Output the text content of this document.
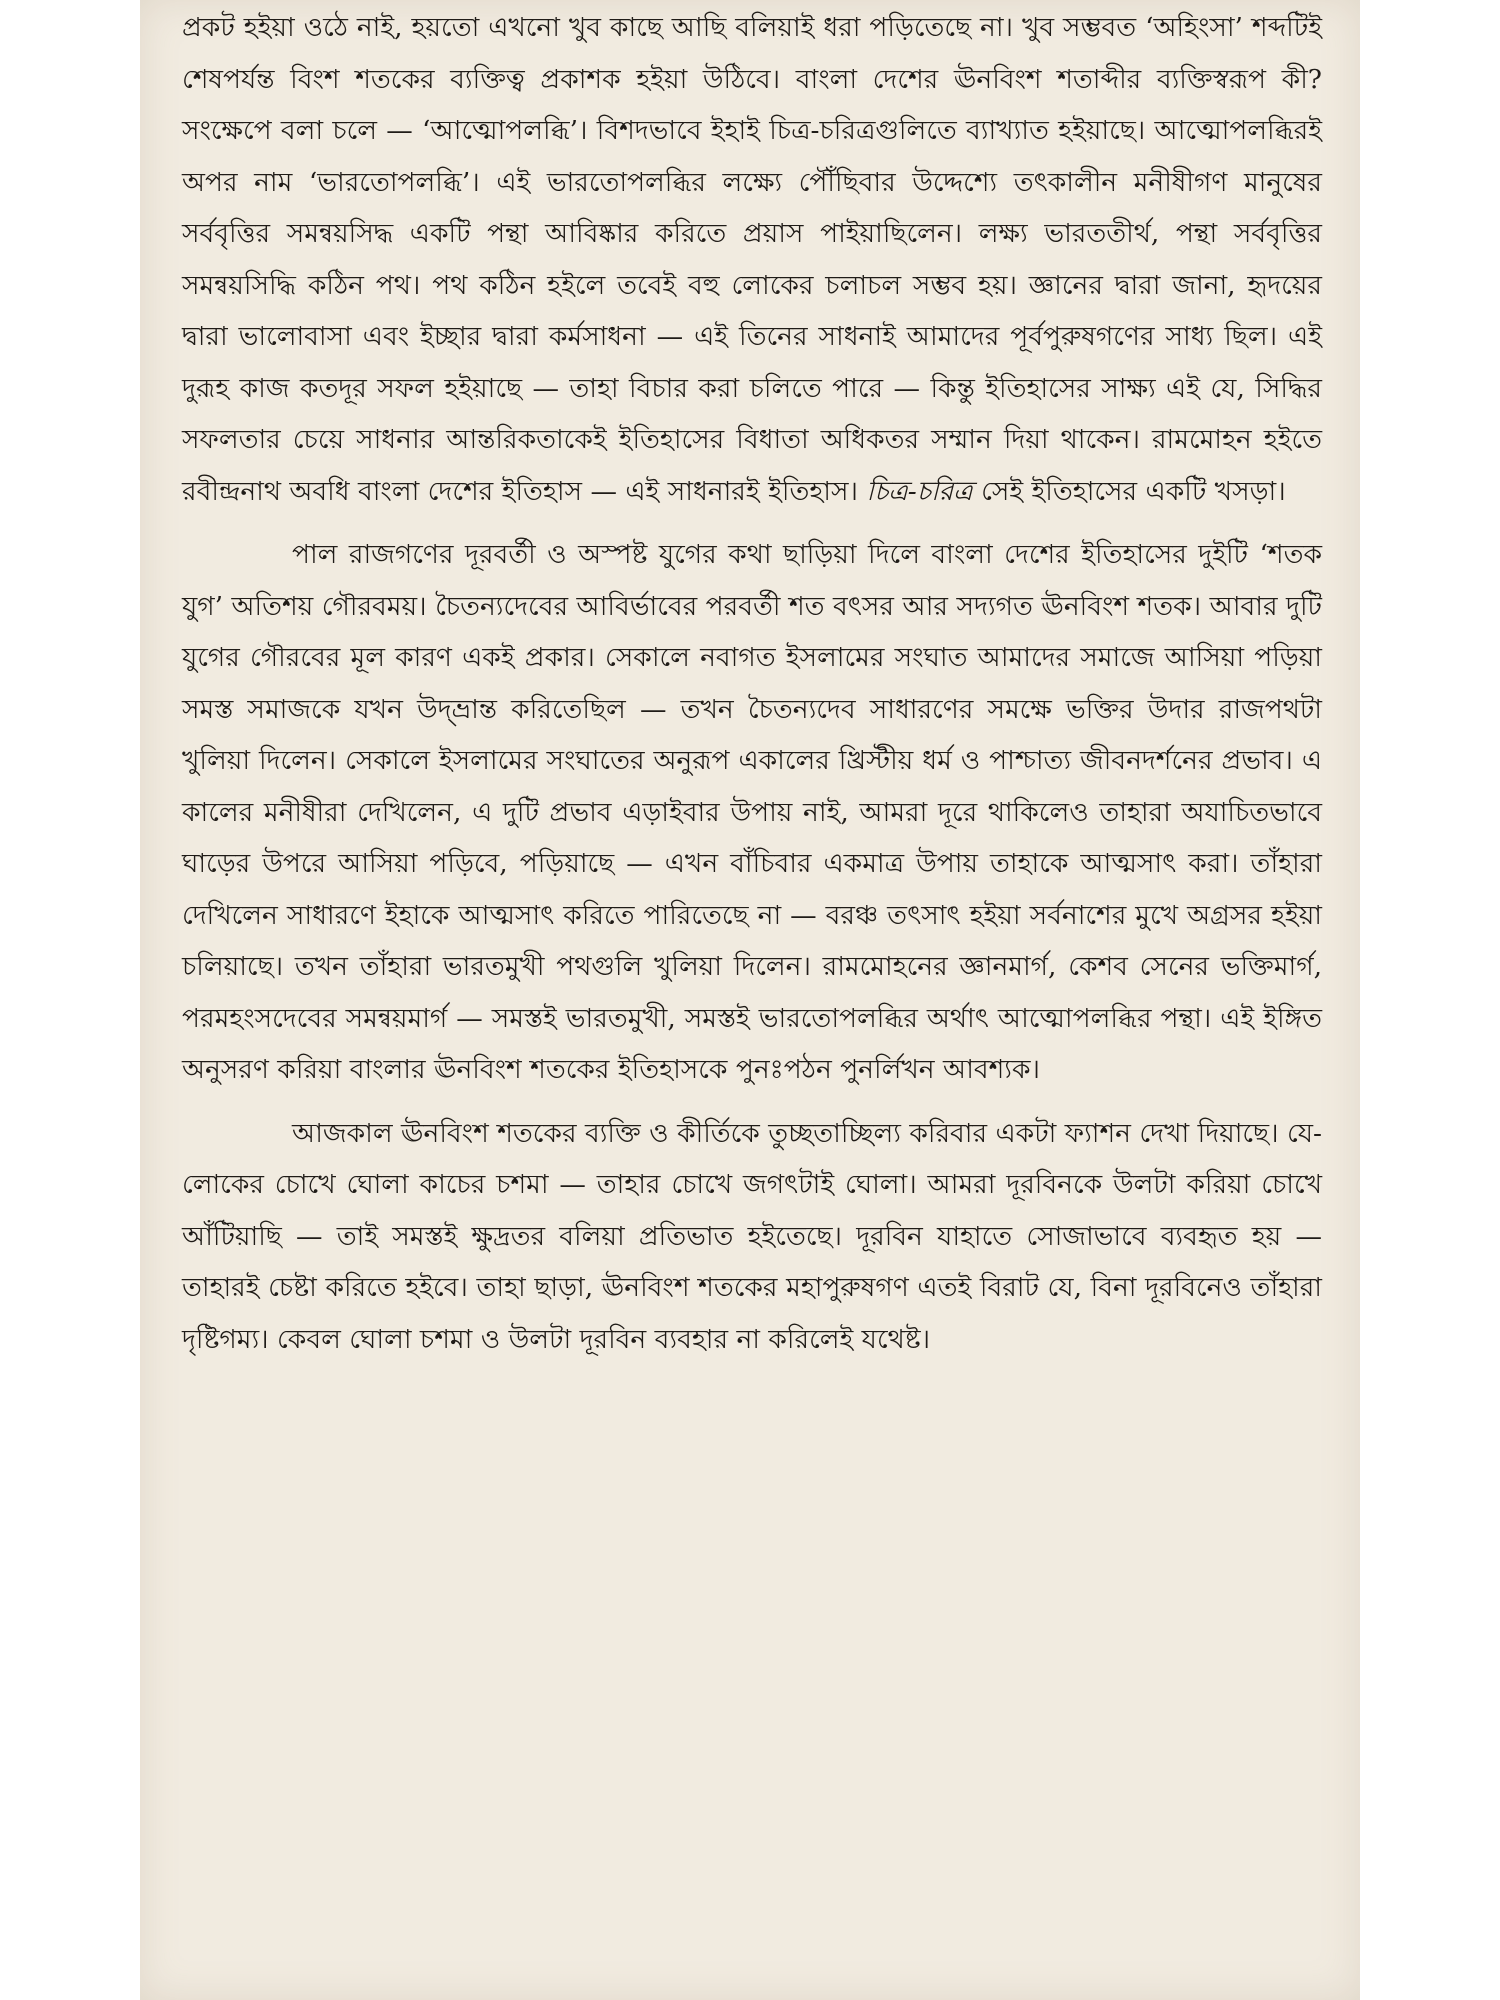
প্রকট হইয়া ওঠে নাই, হয়তো এখনো খুব কাছে আছি বলিয়াই ধরা পড়িতেছে না। খুব সম্ভবত ‘অহিংসা’ শব্দটিই শেষপর্যন্ত বিংশ শতকের ব্যক্তিত্ব প্রকাশক হইয়া উঠিবে। বাংলা দেশের ঊনবিংশ শতাব্দীর ব্যক্তিস্বরূপ কী? সংক্ষেপে বলা চলে — ‘আত্মোপলব্ধি’। বিশদভাবে ইহাই চিত্র-চরিত্রগুলিতে ব্যাখ্যাত হইয়াছে। আত্মোপলব্ধিরই অপর নাম ‘ভারতোপলব্ধি’। এই ভারতোপলব্ধির লক্ষ্যে পৌঁছিবার উদ্দেশ্যে তৎকালীন মনীষীগণ মানুষের সর্ববৃত্তির সমন্বয়সিদ্ধ একটি পন্থা আবিষ্কার করিতে প্রয়াস পাইয়াছিলেন। লক্ষ্য ভারততীর্থ, পন্থা সর্ববৃত্তির সমন্বয়সিদ্ধি কঠিন পথ। পথ কঠিন হইলে তবেই বহু লোকের চলাচল সম্ভব হয়। জ্ঞানের দ্বারা জানা, হৃদয়ের দ্বারা ভালোবাসা এবং ইচ্ছার দ্বারা কর্মসাধনা — এই তিনের সাধনাই আমাদের পূর্বপুরুষগণের সাধ্য ছিল। এই দুরূহ কাজ কতদূর সফল হইয়াছে — তাহা বিচার করা চলিতে পারে — কিন্তু ইতিহাসের সাক্ষ্য এই যে, সিদ্ধির সফলতার চেয়ে সাধনার আন্তরিকতাকেই ইতিহাসের বিধাতা অধিকতর সম্মান দিয়া থাকেন। রামমোহন হইতে রবীন্দ্রনাথ অবধি বাংলা দেশের ইতিহাস — এই সাধনারই ইতিহাস। চিত্র-চরিত্র সেই ইতিহাসের একটি খসড়া।

পাল রাজগণের দূরবর্তী ও অস্পষ্ট যুগের কথা ছাড়িয়া দিলে বাংলা দেশের ইতিহাসের দুইটি ‘শতক যুগ’ অতিশয় গৌরবময়। চৈতন্যদেবের আবির্ভাবের পরবর্তী শত বৎসর আর সদ্যগত ঊনবিংশ শতক। আবার দুটি যুগের গৌরবের মূল কারণ একই প্রকার। সেকালে নবাগত ইসলামের সংঘাত আমাদের সমাজে আসিয়া পড়িয়া সমস্ত সমাজকে যখন উদ্‌ভ্রান্ত করিতেছিল — তখন চৈতন্যদেব সাধারণের সমক্ষে ভক্তির উদার রাজপথটা খুলিয়া দিলেন। সেকালে ইসলামের সংঘাতের অনুরূপ একালের খ্রিস্টীয় ধর্ম ও পাশ্চাত্য জীবনদর্শনের প্রভাব। এ কালের মনীষীরা দেখিলেন, এ দুটি প্রভাব এড়াইবার উপায় নাই, আমরা দূরে থাকিলেও তাহারা অযাচিতভাবে ঘাড়ের উপরে আসিয়া পড়িবে, পড়িয়াছে — এখন বাঁচিবার একমাত্র উপায় তাহাকে আত্মসাৎ করা। তাঁহারা দেখিলেন সাধারণে ইহাকে আত্মসাৎ করিতে পারিতেছে না — বরঞ্চ তৎসাৎ হইয়া সর্বনাশের মুখে অগ্রসর হইয়া চলিয়াছে। তখন তাঁহারা ভারতমুখী পথগুলি খুলিয়া দিলেন। রামমোহনের জ্ঞানমার্গ, কেশব সেনের ভক্তিমার্গ, পরমহংসদেবের সমন্বয়মার্গ — সমস্তই ভারতমুখী, সমস্তই ভারতোপলব্ধির অর্থাৎ আত্মোপলব্ধির পন্থা। এই ইঙ্গিত অনুসরণ করিয়া বাংলার ঊনবিংশ শতকের ইতিহাসকে পুনঃপঠন পুনর্লিখন আবশ্যক।

আজকাল ঊনবিংশ শতকের ব্যক্তি ও কীর্তিকে তুচ্ছতাচ্ছিল্য করিবার একটা ফ্যাশন দেখা দিয়াছে। যে-লোকের চোখে ঘোলা কাচের চশমা — তাহার চোখে জগৎটাই ঘোলা। আমরা দূরবিনকে উলটা করিয়া চোখে আঁটিয়াছি — তাই সমস্তই ক্ষুদ্রতর বলিয়া প্রতিভাত হইতেছে। দূরবিন যাহাতে সোজাভাবে ব্যবহৃত হয় — তাহারই চেষ্টা করিতে হইবে। তাহা ছাড়া, ঊনবিংশ শতকের মহাপুরুষগণ এতই বিরাট যে, বিনা দূরবিনেও তাঁহারা দৃষ্টিগম্য। কেবল ঘোলা চশমা ও উলটা দূরবিন ব্যবহার না করিলেই যথেষ্ট।
